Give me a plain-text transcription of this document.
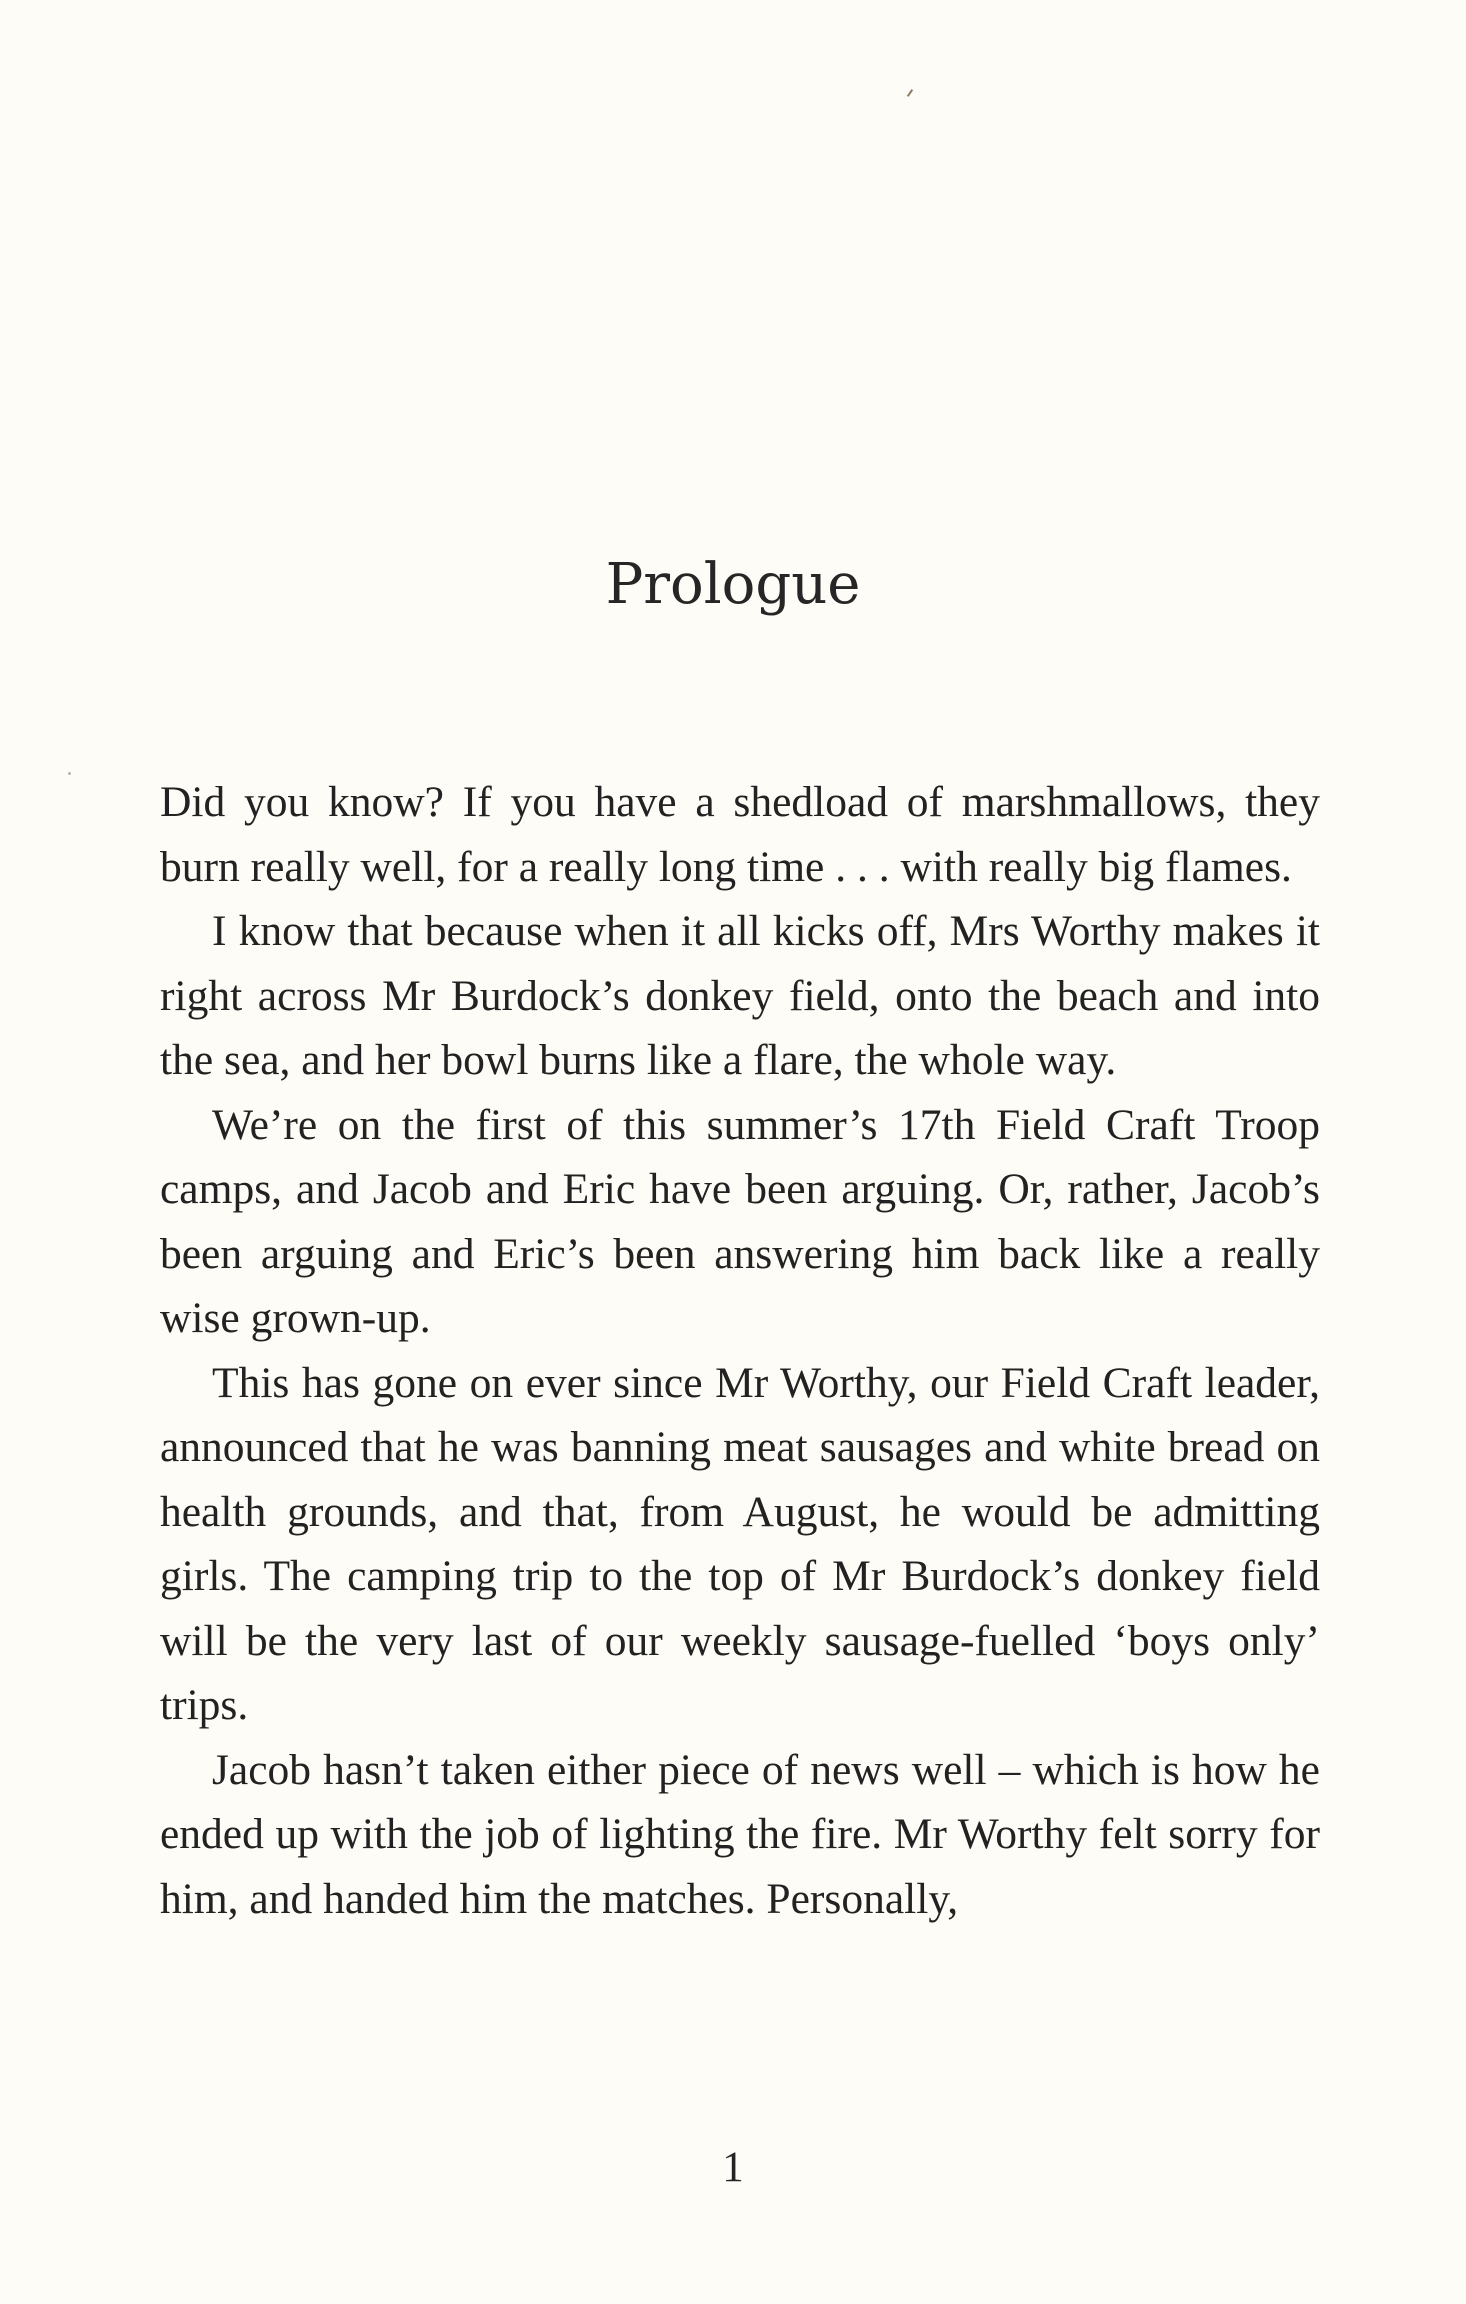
Prologue

Did you know? If you have a shedload of marshmallows, they burn really well, for a really long time . . . with really big flames.

I know that because when it all kicks off, Mrs Worthy makes it right across Mr Burdock’s donkey field, onto the beach and into the sea, and her bowl burns like a flare, the whole way.

We’re on the first of this summer’s 17th Field Craft Troop camps, and Jacob and Eric have been arguing. Or, rather, Jacob’s been arguing and Eric’s been answering him back like a really wise grown-up.

This has gone on ever since Mr Worthy, our Field Craft leader, announced that he was banning meat sausages and white bread on health grounds, and that, from August, he would be admitting girls. The camping trip to the top of Mr Burdock’s donkey field will be the very last of our weekly sausage-fuelled ‘boys only’ trips.

Jacob hasn’t taken either piece of news well – which is how he ended up with the job of lighting the fire. Mr Worthy felt sorry for him, and handed him the matches. Personally,

1
